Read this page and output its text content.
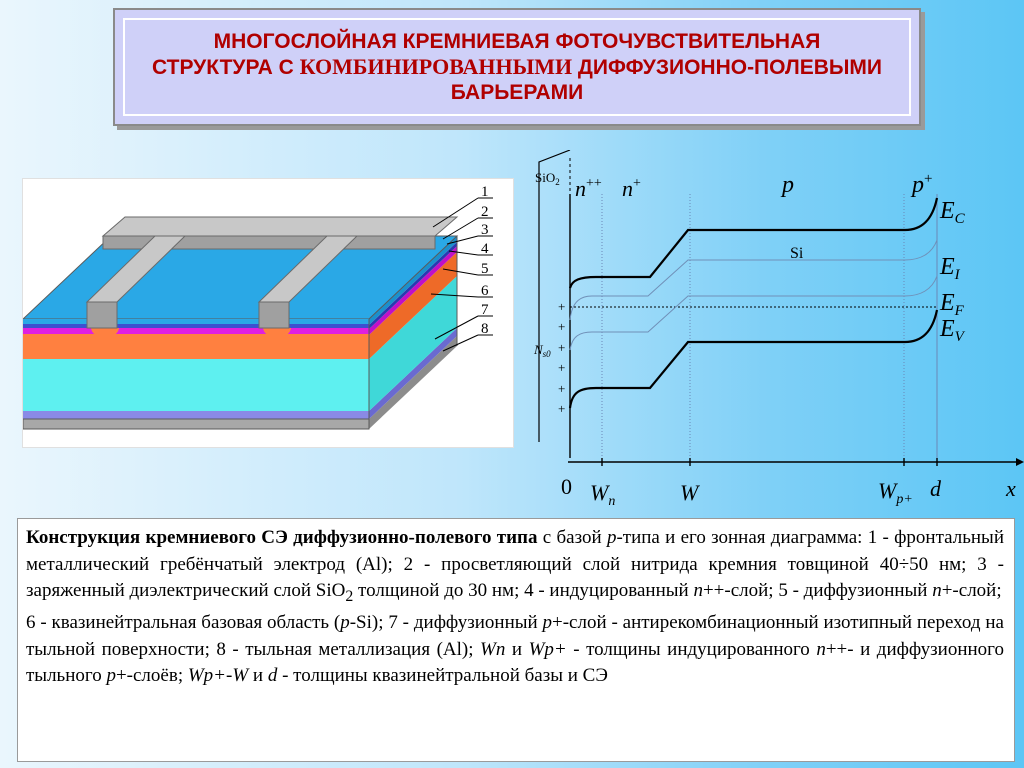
МНОГОСЛОЙНАЯ КРЕМНИЕВАЯ ФОТОЧУВСТВИТЕЛЬНАЯ
СТРУКТУРА С КОМБИНИРОВАННЫМИ ДИФФУЗИОННО-ПОЛЕВЫМИ
БАРЬЕРАМИ
1
2
3
4
5
6
7
8
SiO$_2$ n++ n+	p	p+
Si
$E_C$
$E_I$
$E_F$
$E_V$
$N_{s0}$
+
+
+
+
+
+
0 $W_n$	W	$W_{p+}$ d	x

Конструкция кремниевого СЭ диффузионно-полевого типа с базой p-типа и его зонная диаграмма: 1 - фронтальный металлический гребёнчатый электрод (Al); 2 - просветляющий слой нитрида кремния товщиной 40÷50 нм; 3 - заряженный диэлектрический слой SiO$_2$ толщиной до 30 нм; 4 - индуцированный n++-слой; 5 - диффузионный n+-слой;

6 - квазинейтральная базовая область (p-Si); 7 - диффузионный p+-слой - антирекомбинационный изотипный переход на тыльной поверхности; 8 - тыльная металлизация (Al); Wn и Wp+ - толщины индуцированного n++- и диффузионного тыльного p+-слоёв; Wp+-W и d - толщины квазинейтральной базы и СЭ
